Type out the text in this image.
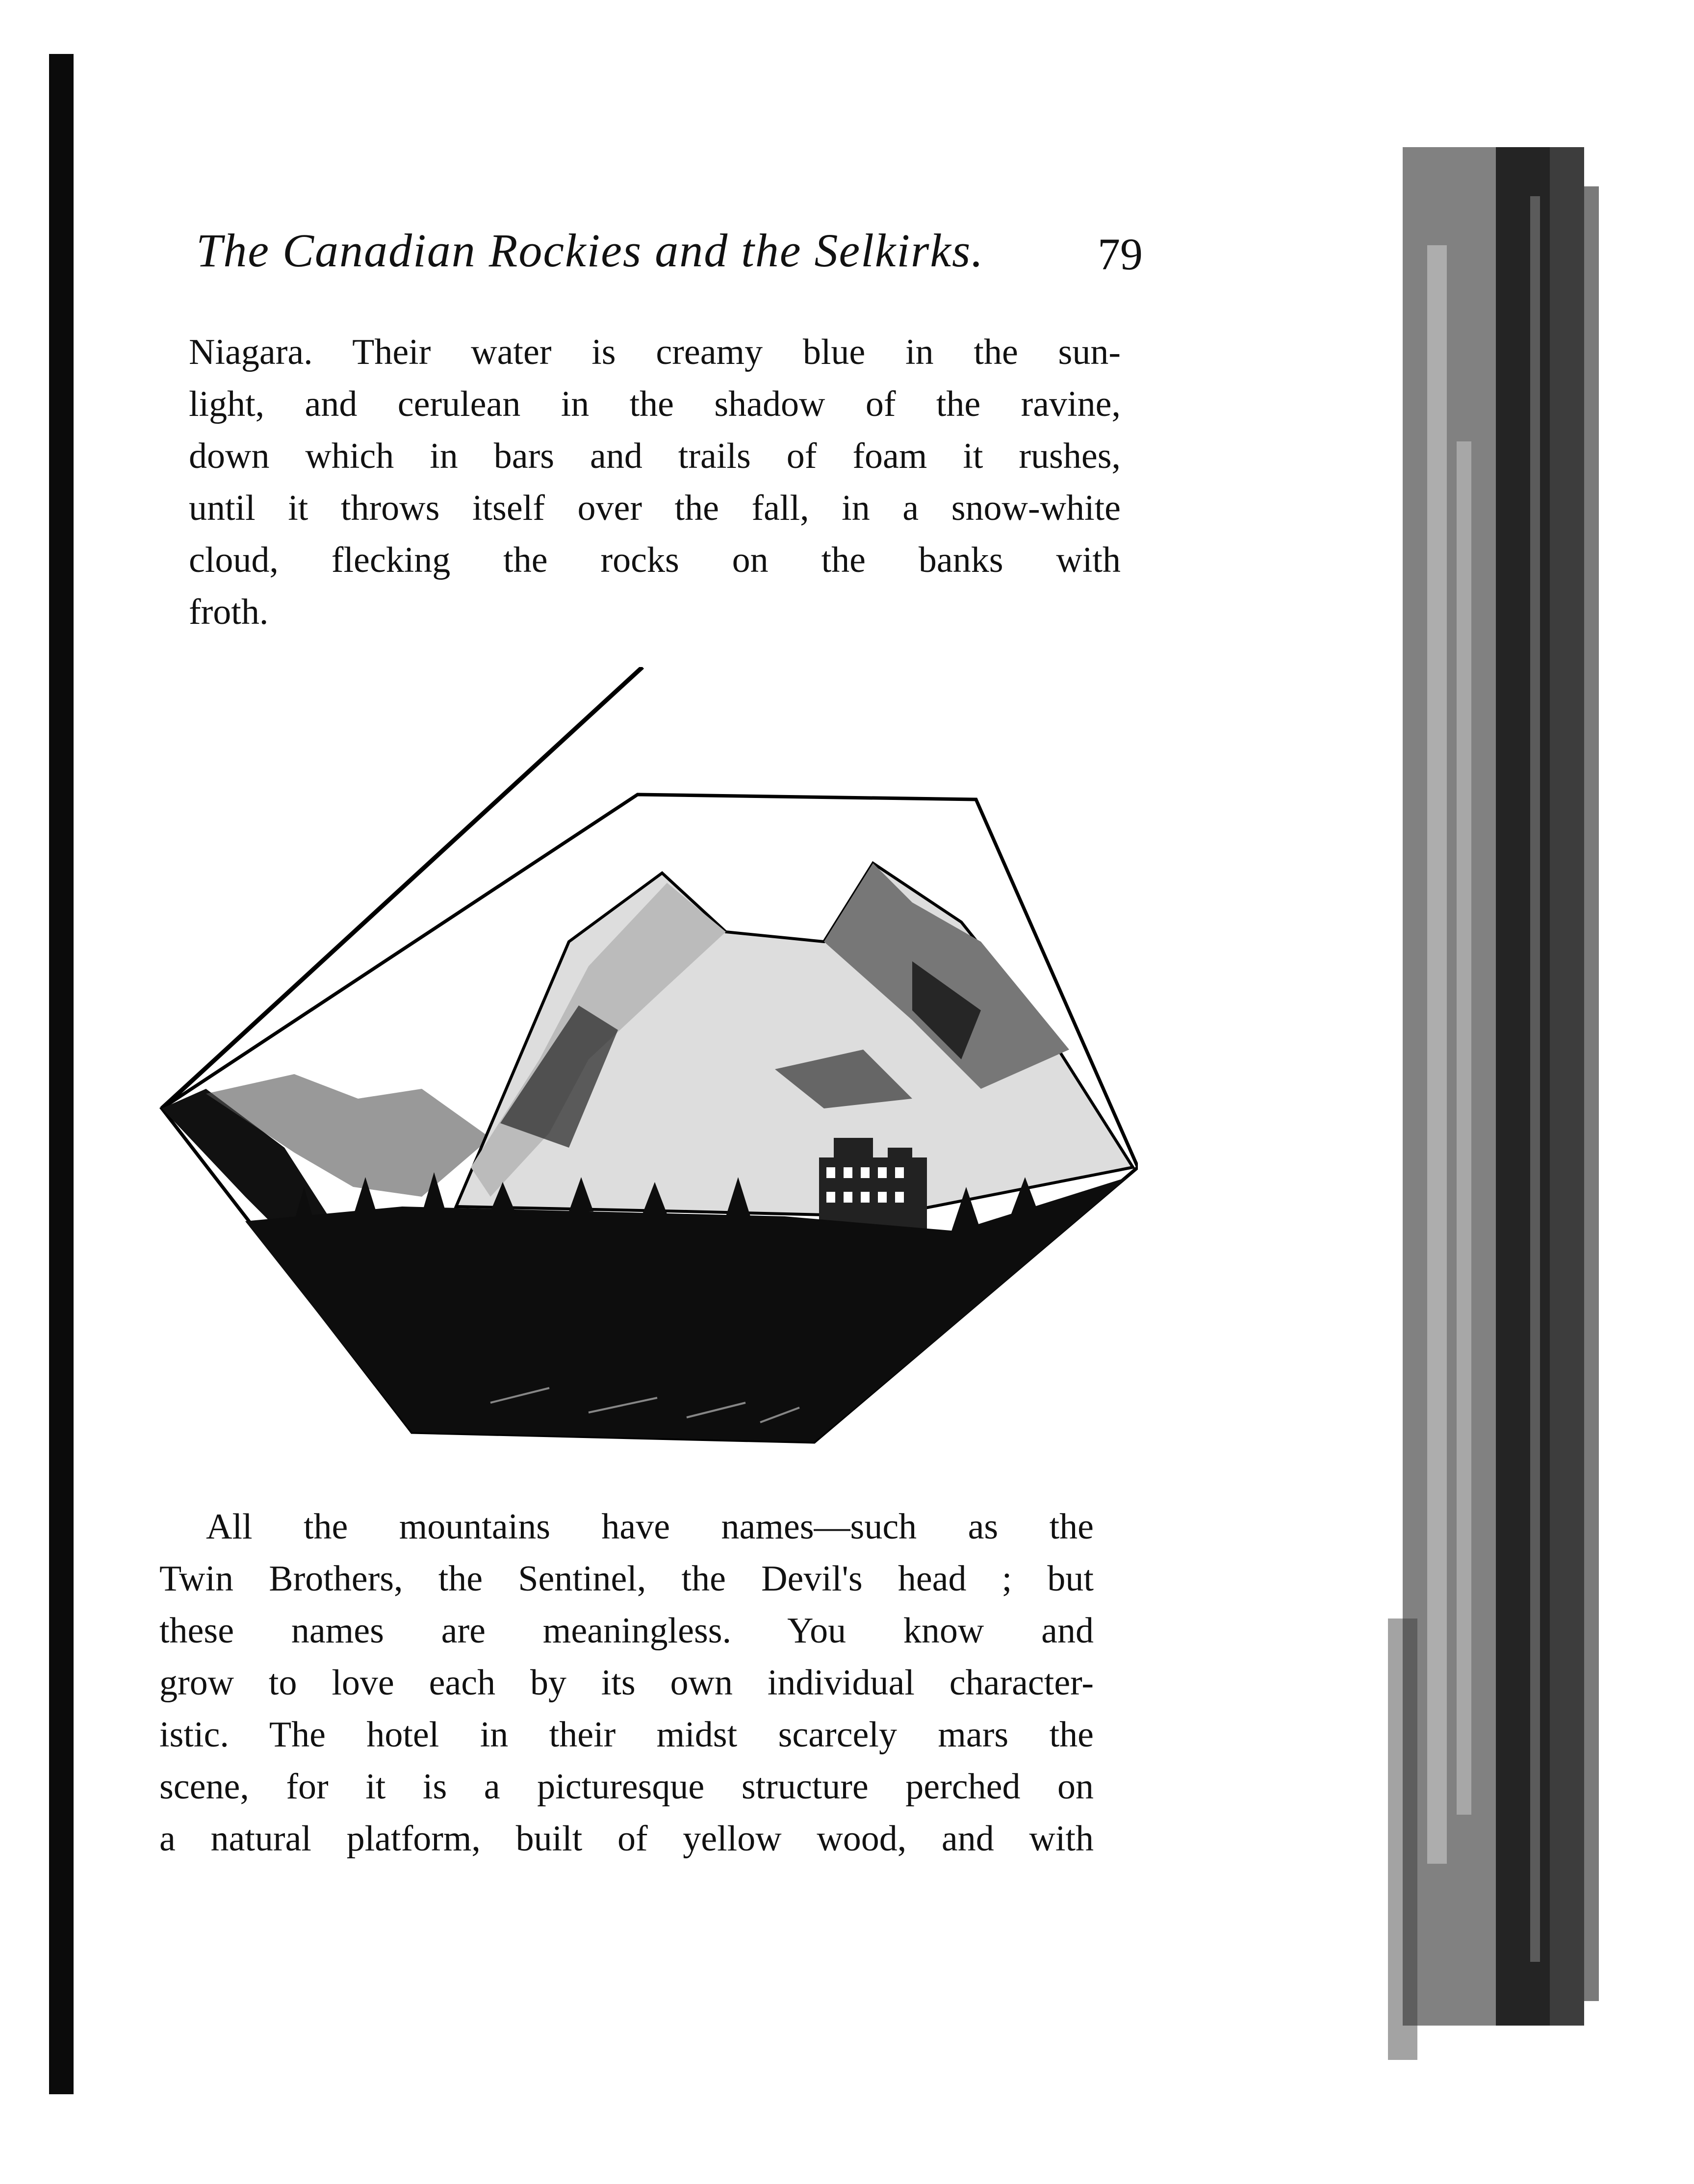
The Canadian Rockies and the Selkirks.	79
Niagara. Their water is creamy blue in the sun-
light, and cerulean in the shadow of the ravine,
down which in bars and trails of foam it rushes,
until it throws itself over the fall, in a snow-white
cloud, flecking the rocks on the banks with
froth.
All the mountains have names—such as the
Twin Brothers, the Sentinel, the Devil's head ; but
these names are meaningless. You know and
grow to love each by its own individual character-
istic. The hotel in their midst scarcely mars the
scene, for it is a picturesque structure perched on
a natural platform, built of yellow wood, and with
